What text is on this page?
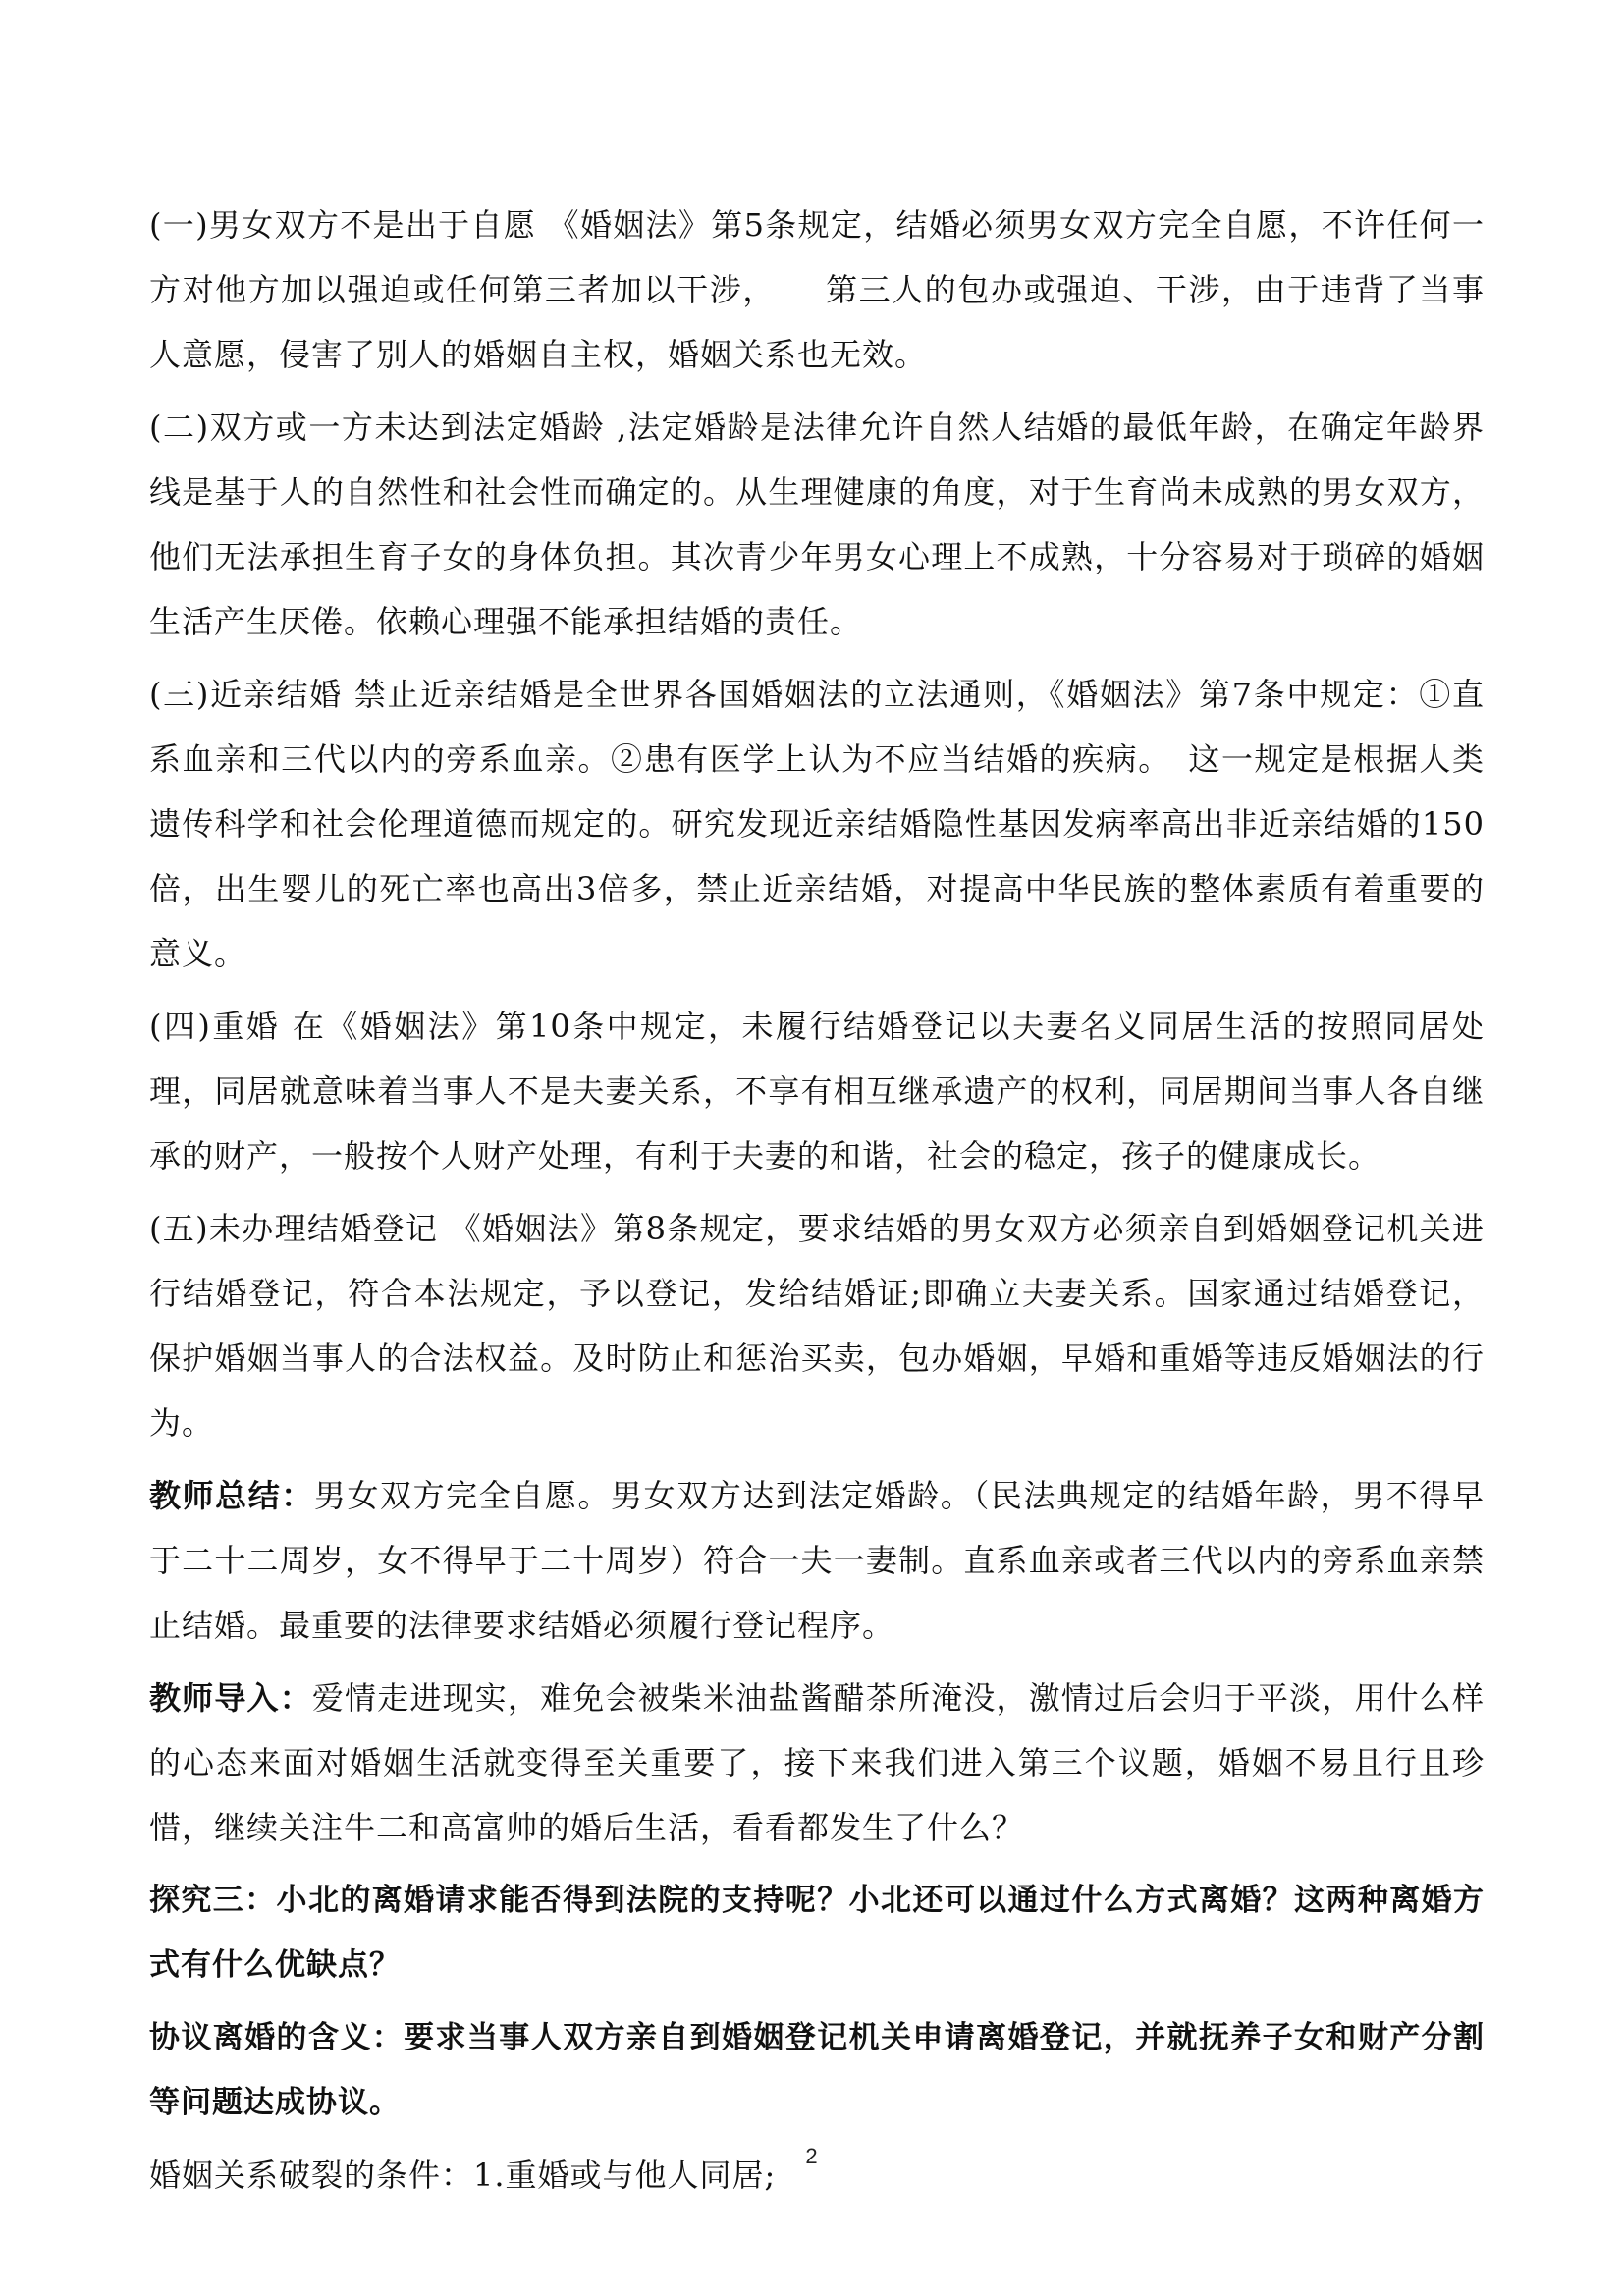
(一)男女双方不是出于自愿 《婚姻法》第5条规定，结婚必须男女双方完全自愿，不许任何一方对他方加以强迫或任何第三者加以干涉，　　第三人的包办或强迫、干涉，由于违背了当事人意愿，侵害了别人的婚姻自主权，婚姻关系也无效。

(二)双方或一方未达到法定婚龄 ,法定婚龄是法律允许自然人结婚的最低年龄，在确定年龄界线是基于人的自然性和社会性而确定的。从生理健康的角度，对于生育尚未成熟的男女双方，他们无法承担生育子女的身体负担。其次青少年男女心理上不成熟，十分容易对于琐碎的婚姻生活产生厌倦。依赖心理强不能承担结婚的责任。

(三)近亲结婚 禁止近亲结婚是全世界各国婚姻法的立法通则，《婚姻法》第7条中规定：①直系血亲和三代以内的旁系血亲。②患有医学上认为不应当结婚的疾病。　这一规定是根据人类遗传科学和社会伦理道德而规定的。研究发现近亲结婚隐性基因发病率高出非近亲结婚的150倍，出生婴儿的死亡率也高出3倍多，禁止近亲结婚，对提高中华民族的整体素质有着重要的意义。

(四)重婚 在《婚姻法》第10条中规定，未履行结婚登记以夫妻名义同居生活的按照同居处理，同居就意味着当事人不是夫妻关系，不享有相互继承遗产的权利，同居期间当事人各自继承的财产，一般按个人财产处理，有利于夫妻的和谐，社会的稳定，孩子的健康成长。

(五)未办理结婚登记 《婚姻法》第8条规定，要求结婚的男女双方必须亲自到婚姻登记机关进行结婚登记，符合本法规定，予以登记，发给结婚证;即确立夫妻关系。国家通过结婚登记，保护婚姻当事人的合法权益。及时防止和惩治买卖，包办婚姻，早婚和重婚等违反婚姻法的行为。

教师总结：男女双方完全自愿。男女双方达到法定婚龄。（民法典规定的结婚年龄，男不得早于二十二周岁，女不得早于二十周岁）符合一夫一妻制。直系血亲或者三代以内的旁系血亲禁止结婚。最重要的法律要求结婚必须履行登记程序。

教师导入：爱情走进现实，难免会被柴米油盐酱醋茶所淹没，激情过后会归于平淡，用什么样的心态来面对婚姻生活就变得至关重要了，接下来我们进入第三个议题，婚姻不易且行且珍惜，继续关注牛二和高富帅的婚后生活，看看都发生了什么？

探究三：小北的离婚请求能否得到法院的支持呢？小北还可以通过什么方式离婚？这两种离婚方式有什么优缺点？

协议离婚的含义：要求当事人双方亲自到婚姻登记机关申请离婚登记，并就抚养子女和财产分割等问题达成协议。

婚姻关系破裂的条件：1.重婚或与他人同居;

2
